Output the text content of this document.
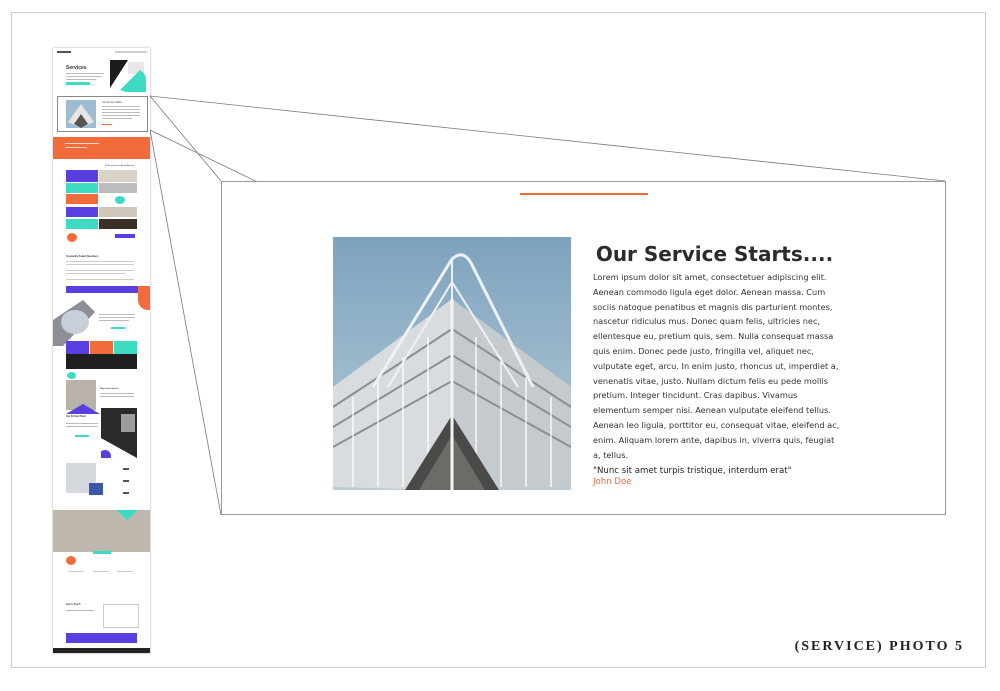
Services
Our Service Starts....
A Passionate Is Also A Activity
Frequently Asked Questions
Why work with us
Our Perfect Plans
Get in Touch
Our Service Starts....
Lorem ipsum dolor sit amet, consectetuer adipiscing elit. Aenean commodo ligula eget dolor. Aenean massa. Cum sociis natoque penatibus et magnis dis parturient montes, nascetur ridiculus mus. Donec quam felis, ultricies nec, ellentesque eu, pretium quis, sem. Nulla consequat massa quis enim. Donec pede justo, fringilla vel, aliquet nec, vulputate eget, arcu. In enim justo, rhoncus ut, imperdiet a, venenatis vitae, justo. Nullam dictum felis eu pede mollis pretium. Integer tincidunt. Cras dapibus. Vivamus elementum semper nisi. Aenean vulputate eleifend tellus. Aenean leo ligula, porttitor eu, consequat vitae, eleifend ac, enim. Aliquam lorem ante, dapibus in, viverra quis, feugiat a, tellus.
"Nunc sit amet turpis tristique, interdum erat"
John Doe
(SERVICE) PHOTO 5
